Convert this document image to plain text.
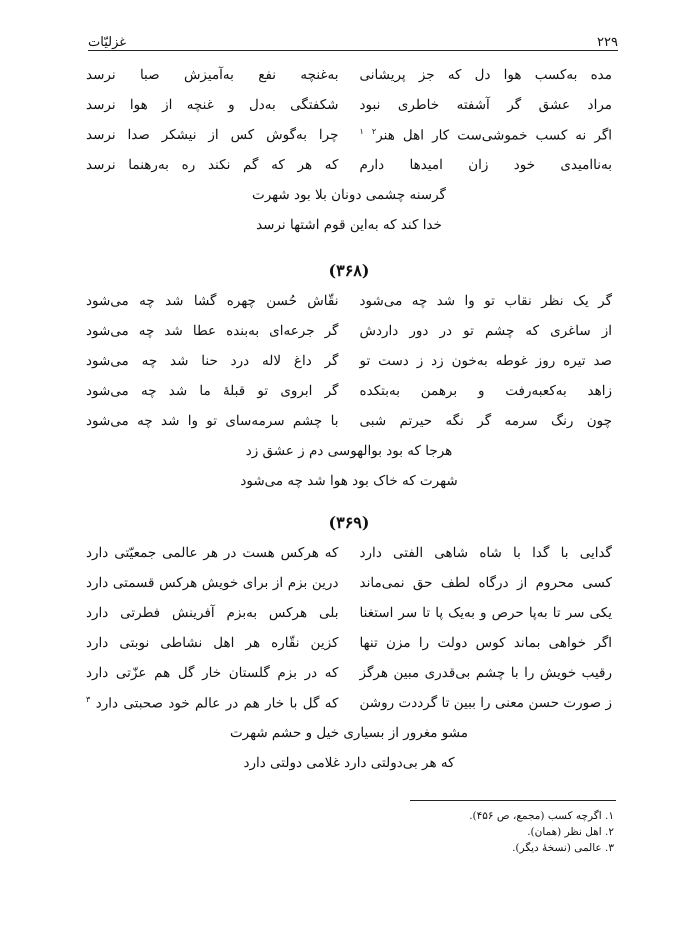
۲۲۹
غزلیّات
مده به‌کسب هوا دل که جز پریشانی
به‌غنچه نفع به‌آمیزش صبا نرسد
مراد عشق گر آشفته خاطری نبود
شکفتگی به‌دل و غنچه از هوا نرسد
اگر نه کسب خموشی‌ست کار اهل هنر$^۲$ $^۱$
چرا به‌گوش کس از نیشکر صدا نرسد
به‌ناامیدی خود زان امیدها دارم
که هر که گم نکند ره به‌رهنما نرسد
گرسنه چشمی دونان بلا بود شهرت
خدا کند که به‌این قوم اشتها نرسد
(۳۶۸)
گر یک نظر نقاب تو وا شد چه می‌شود
نقّاش حُسن چهره گشا شد چه می‌شود
از ساغری که چشم تو در دور داردش
گر جرعه‌ای به‌بنده عطا شد چه می‌شود
صد تیره روز غوطه به‌خون زد ز دست تو
گر داغ لاله درد حنا شد چه می‌شود
زاهد به‌کعبه‌رفت و برهمن به‌بتکده
گر ابروی تو قبلهٔ ما شد چه می‌شود
چون رنگ سرمه گر نگه حیرتم شبی
با چشم سرمه‌سای تو وا شد چه می‌شود
هرجا که بود بوالهوسی دم ز عشق زد
شهرت که خاک بود هوا شد چه می‌شود
(۳۶۹)
گدایی با گدا با شاه شاهی الفتی دارد
که هرکس هست در هر عالمی جمعیّتی دارد
کسی محروم از درگاه لطف حق نمی‌ماند
درین بزم از برای خویش هرکس قسمتی دارد
یکی سر تا به‌پا حرص و به‌یک پا تا سر استغنا
بلی هرکس به‌بزم آفرینش فطرتی دارد
اگر خواهی بماند کوس دولت را مزن تنها
کزین نقّاره هر اهل نشاطی نوبتی دارد
رقیب خویش را با چشم بی‌قدری مبین هرگز
که در بزم گلستان خار گل هم عزّتی دارد
ز صورت حسن معنی را ببین تا گرددت روشن
که گل با خار هم در عالم خود صحبتی دارد $^۳$
مشو مغرور از بسیاری خیل و حشم شهرت
که هر بی‌دولتی دارد غلامی دولتی دارد
۱. اگرچه کسب (مجمع، ص ۴۵۶).
۲. اهل نظر (همان).
۳. عالمی (نسخهٔ دیگر).
